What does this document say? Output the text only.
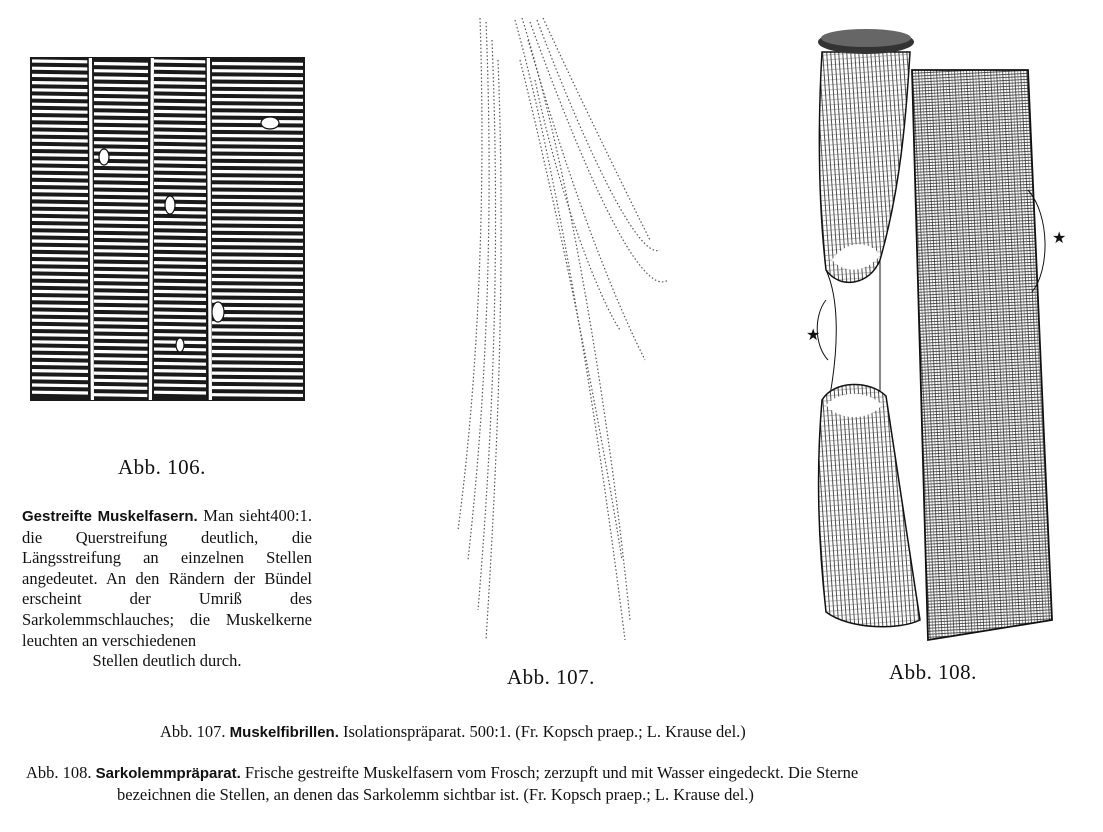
★
★
Abb. 106.
Abb. 107.	Abb. 108.
Gestreifte Muskelfasern.	400:1.
Man sieht die Querstreifung deutlich, die Längsstreifung an einzelnen Stellen angedeutet. An den Rändern der Bündel erscheint der Umriß des Sarkolemmschlauches; die Muskelkerne leuchten an verschiedenen
Stellen deutlich durch.
Abb. 107. Muskelfibrillen. Isolationspräparat. 500:1. (Fr. Kopsch praep.; L. Krause del.)
Abb. 108. Sarkolemmpräparat. Frische gestreifte Muskelfasern vom Frosch; zerzupft und mit Wasser eingedeckt. Die Sterne
bezeichnen die Stellen, an denen das Sarkolemm sichtbar ist. (Fr. Kopsch praep.; L. Krause del.)
